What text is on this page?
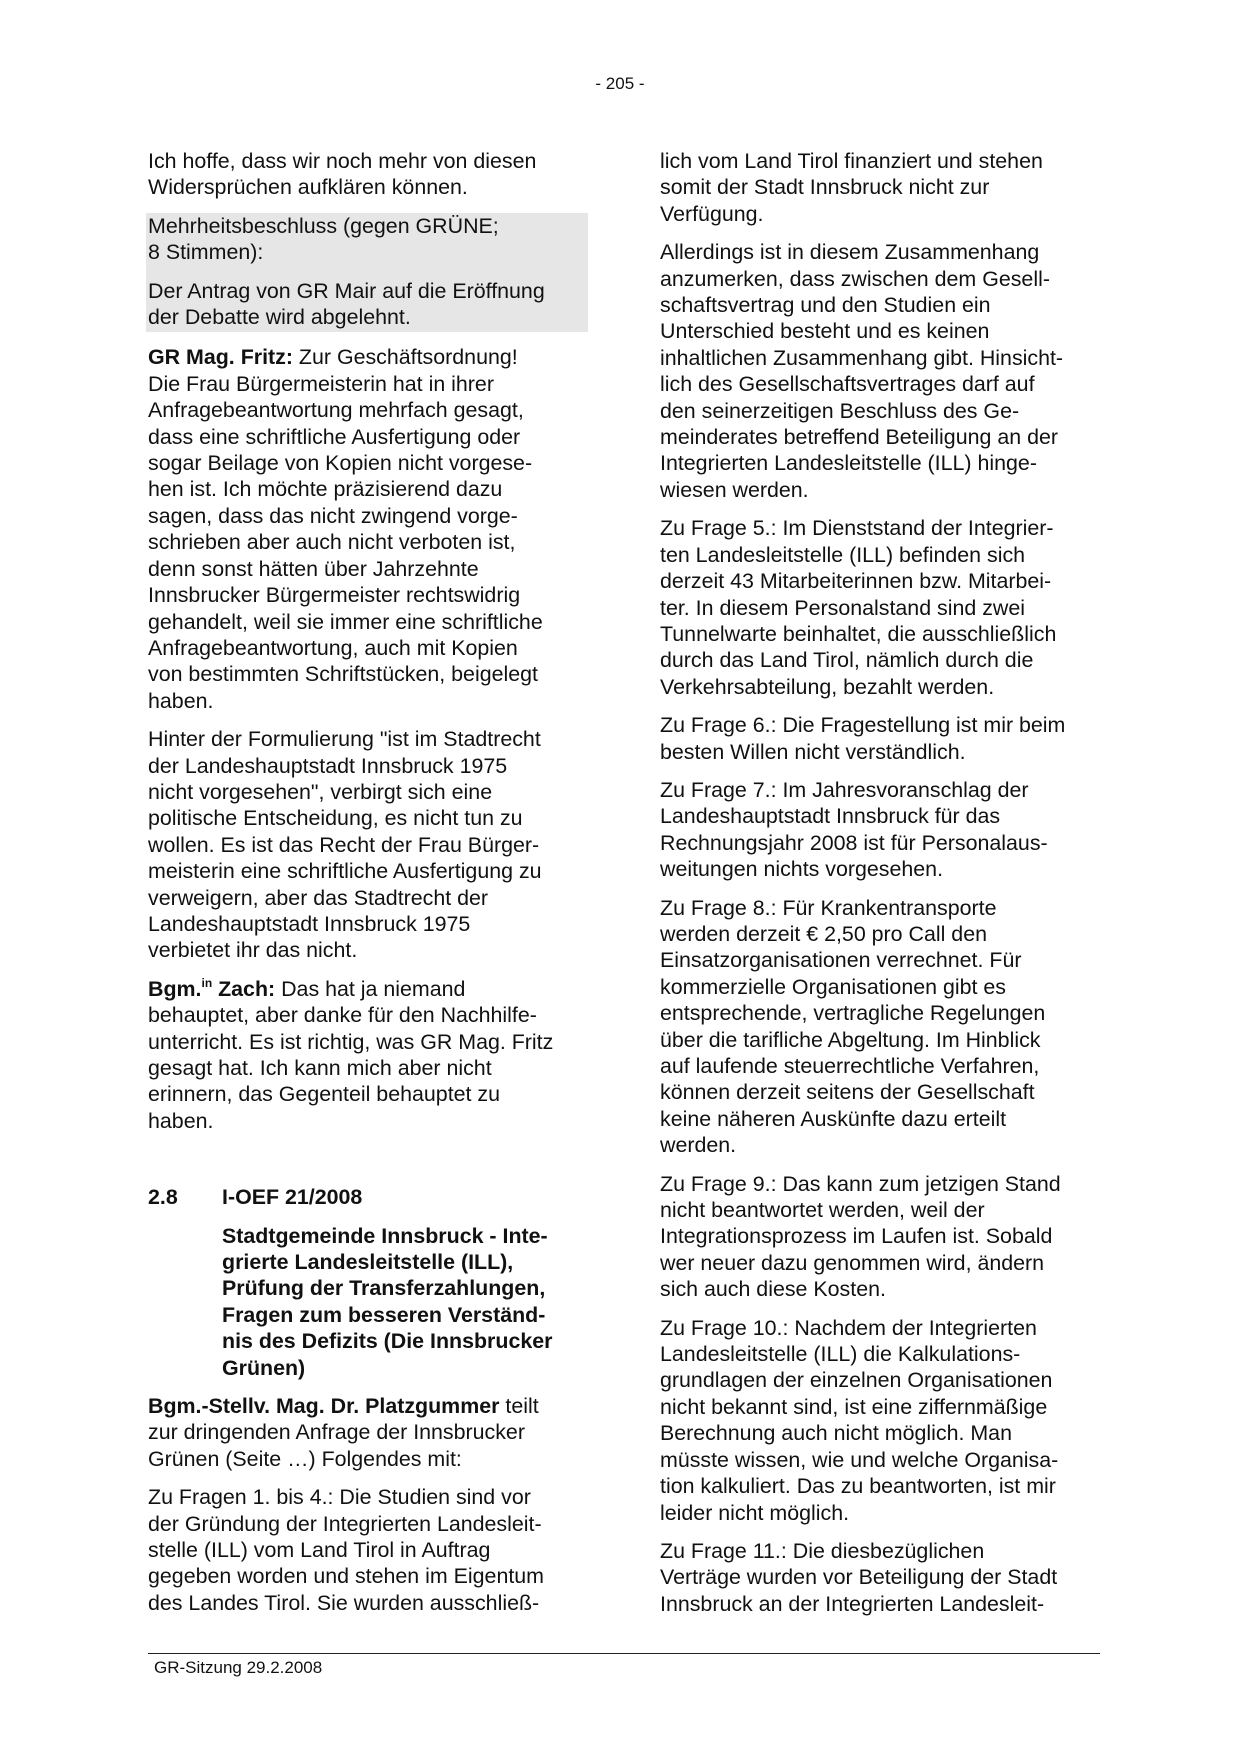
- 205 -
Ich hoffe, dass wir noch mehr von diesen
Widersprüchen aufklären können.
Mehrheitsbeschluss (gegen GRÜNE;
8 Stimmen):
Der Antrag von GR Mair auf die Eröffnung
der Debatte wird abgelehnt.
GR Mag. Fritz: Zur Geschäftsordnung!
Die Frau Bürgermeisterin hat in ihrer
Anfragebeantwortung mehrfach gesagt,
dass eine schriftliche Ausfertigung oder
sogar Beilage von Kopien nicht vorgese-
hen ist. Ich möchte präzisierend dazu
sagen, dass das nicht zwingend vorge-
schrieben aber auch nicht verboten ist,
denn sonst hätten über Jahrzehnte
Innsbrucker Bürgermeister rechtswidrig
gehandelt, weil sie immer eine schriftliche
Anfragebeantwortung, auch mit Kopien
von bestimmten Schriftstücken, beigelegt
haben.
Hinter der Formulierung "ist im Stadtrecht
der Landeshauptstadt Innsbruck 1975
nicht vorgesehen", verbirgt sich eine
politische Entscheidung, es nicht tun zu
wollen. Es ist das Recht der Frau Bürger-
meisterin eine schriftliche Ausfertigung zu
verweigern, aber das Stadtrecht der
Landeshauptstadt Innsbruck 1975
verbietet ihr das nicht.
Bgm.$^{in}$ Zach: Das hat ja niemand
behauptet, aber danke für den Nachhilfe-
unterricht. Es ist richtig, was GR Mag. Fritz
gesagt hat. Ich kann mich aber nicht
erinnern, das Gegenteil behauptet zu
haben.
2.8 I-OEF 21/2008
Stadtgemeinde Innsbruck - Inte-
grierte Landesleitstelle (ILL),
Prüfung der Transferzahlungen,
Fragen zum besseren Verständ-
nis des Defizits (Die Innsbrucker
Grünen)
Bgm.-Stellv. Mag. Dr. Platzgummer teilt
zur dringenden Anfrage der Innsbrucker
Grünen (Seite …) Folgendes mit:
Zu Fragen 1. bis 4.: Die Studien sind vor
der Gründung der Integrierten Landesleit-
stelle (ILL) vom Land Tirol in Auftrag
gegeben worden und stehen im Eigentum
des Landes Tirol. Sie wurden ausschließ-
lich vom Land Tirol finanziert und stehen
somit der Stadt Innsbruck nicht zur
Verfügung.
Allerdings ist in diesem Zusammenhang
anzumerken, dass zwischen dem Gesell-
schaftsvertrag und den Studien ein
Unterschied besteht und es keinen
inhaltlichen Zusammenhang gibt. Hinsicht-
lich des Gesellschaftsvertrages darf auf
den seinerzeitigen Beschluss des Ge-
meinderates betreffend Beteiligung an der
Integrierten Landesleitstelle (ILL) hinge-
wiesen werden.
Zu Frage 5.: Im Dienststand der Integrier-
ten Landesleitstelle (ILL) befinden sich
derzeit 43 Mitarbeiterinnen bzw. Mitarbei-
ter. In diesem Personalstand sind zwei
Tunnelwarte beinhaltet, die ausschließlich
durch das Land Tirol, nämlich durch die
Verkehrsabteilung, bezahlt werden.
Zu Frage 6.: Die Fragestellung ist mir beim
besten Willen nicht verständlich.
Zu Frage 7.: Im Jahresvoranschlag der
Landeshauptstadt Innsbruck für das
Rechnungsjahr 2008 ist für Personalaus-
weitungen nichts vorgesehen.
Zu Frage 8.: Für Krankentransporte
werden derzeit € 2,50 pro Call den
Einsatzorganisationen verrechnet. Für
kommerzielle Organisationen gibt es
entsprechende, vertragliche Regelungen
über die tarifliche Abgeltung. Im Hinblick
auf laufende steuerrechtliche Verfahren,
können derzeit seitens der Gesellschaft
keine näheren Auskünfte dazu erteilt
werden.
Zu Frage 9.: Das kann zum jetzigen Stand
nicht beantwortet werden, weil der
Integrationsprozess im Laufen ist. Sobald
wer neuer dazu genommen wird, ändern
sich auch diese Kosten.
Zu Frage 10.: Nachdem der Integrierten
Landesleitstelle (ILL) die Kalkulations-
grundlagen der einzelnen Organisationen
nicht bekannt sind, ist eine ziffernmäßige
Berechnung auch nicht möglich. Man
müsste wissen, wie und welche Organisa-
tion kalkuliert. Das zu beantworten, ist mir
leider nicht möglich.
Zu Frage 11.: Die diesbezüglichen
Verträge wurden vor Beteiligung der Stadt
Innsbruck an der Integrierten Landesleit-
GR-Sitzung 29.2.2008
